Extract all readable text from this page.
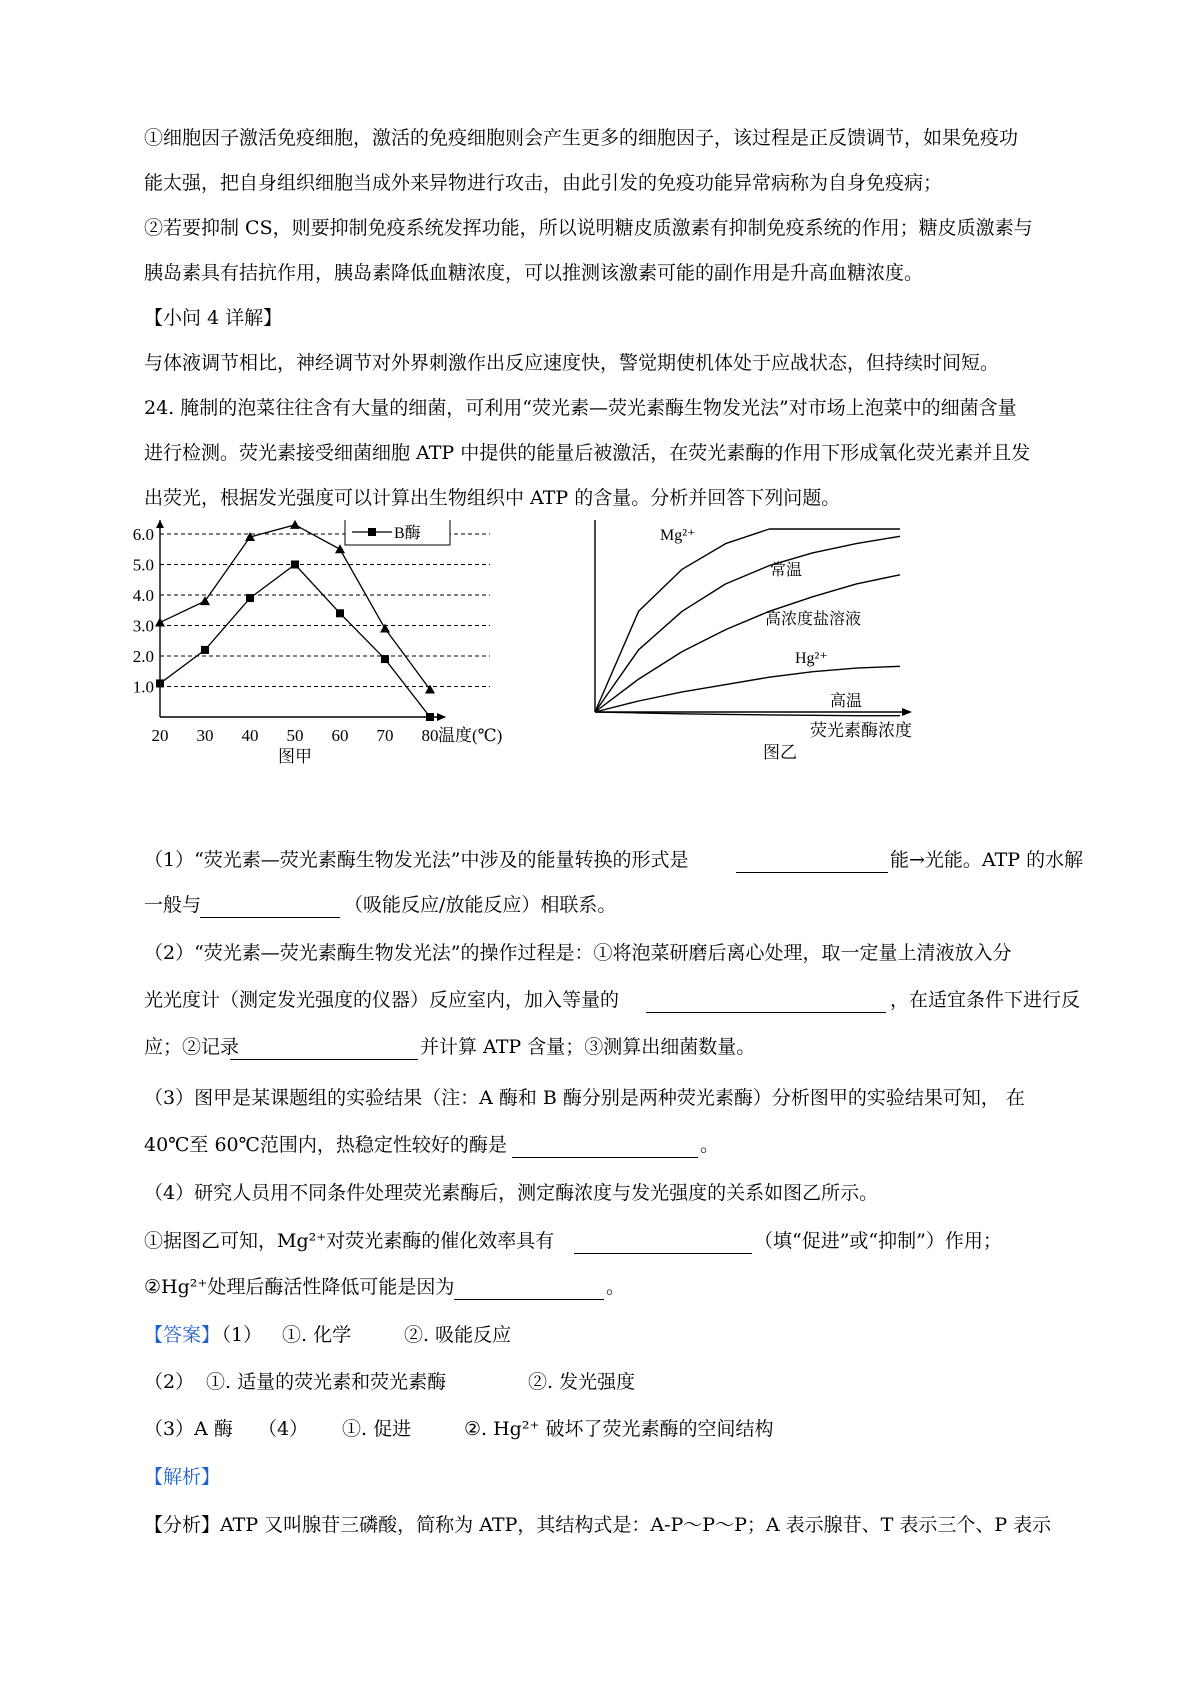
①细胞因子激活免疫细胞，激活的免疫细胞则会产生更多的细胞因子，该过程是正反馈调节，如果免疫功
能太强，把自身组织细胞当成外来异物进行攻击，由此引发的免疫功能异常病称为自身免疫病；
②若要抑制 CS，则要抑制免疫系统发挥功能，所以说明糖皮质激素有抑制免疫系统的作用；糖皮质激素与
胰岛素具有拮抗作用，胰岛素降低血糖浓度，可以推测该激素可能的副作用是升高血糖浓度。
【小问 4 详解】
与体液调节相比，神经调节对外界刺激作出反应速度快，警觉期使机体处于应战状态，但持续时间短。
24. 腌制的泡菜往往含有大量的细菌，可利用“荧光素—荧光素酶生物发光法”对市场上泡菜中的细菌含量
进行检测。荧光素接受细菌细胞 ATP 中提供的能量后被激活，在荧光素酶的作用下形成氧化荧光素并且发
出荧光，根据发光强度可以计算出生物组织中 ATP 的含量。分析并回答下列问题。
1.0
2.0
3.0
4.0
5.0
6.0
20 30 40 50 60 70 80 温度(℃)
图甲
B酶
荧光素酶浓度
图乙
Mg²⁺
常温
高浓度盐溶液
Hg²⁺
高温
（1）“荧光素—荧光素酶生物发光法”中涉及的能量转换的形式是	能→光能。ATP 的水解
一般与	（吸能反应/放能反应）相联系。
（2）“荧光素—荧光素酶生物发光法”的操作过程是：①将泡菜研磨后离心处理，取一定量上清液放入分
光光度计（测定发光强度的仪器）反应室内，加入等量的	，在适宜条件下进行反
应；②记录	并计算 ATP 含量；③测算出细菌数量。
（3）图甲是某课题组的实验结果（注：A 酶和 B 酶分别是两种荧光素酶）分析图甲的实验结果可知， 在
40℃至 60℃范围内，热稳定性较好的酶是	。
（4）研究人员用不同条件处理荧光素酶后，测定酶浓度与发光强度的关系如图乙所示。
①据图乙可知，Mg²⁺对荧光素酶的催化效率具有	（填“促进”或“抑制”）作用；
②Hg²⁺处理后酶活性降低可能是因为	。
【答案】
（1） ①. 化学	②. 吸能反应
（2） ①. 适量的荧光素和荧光素酶	②. 发光强度
（3）A 酶 （4） ①. 促进	②. Hg²⁺ 破坏了荧光素酶的空间结构
【解析】
【分析】ATP 又叫腺苷三磷酸，简称为 ATP，其结构式是：A-P～P～P；A 表示腺苷、T 表示三个、P 表示
